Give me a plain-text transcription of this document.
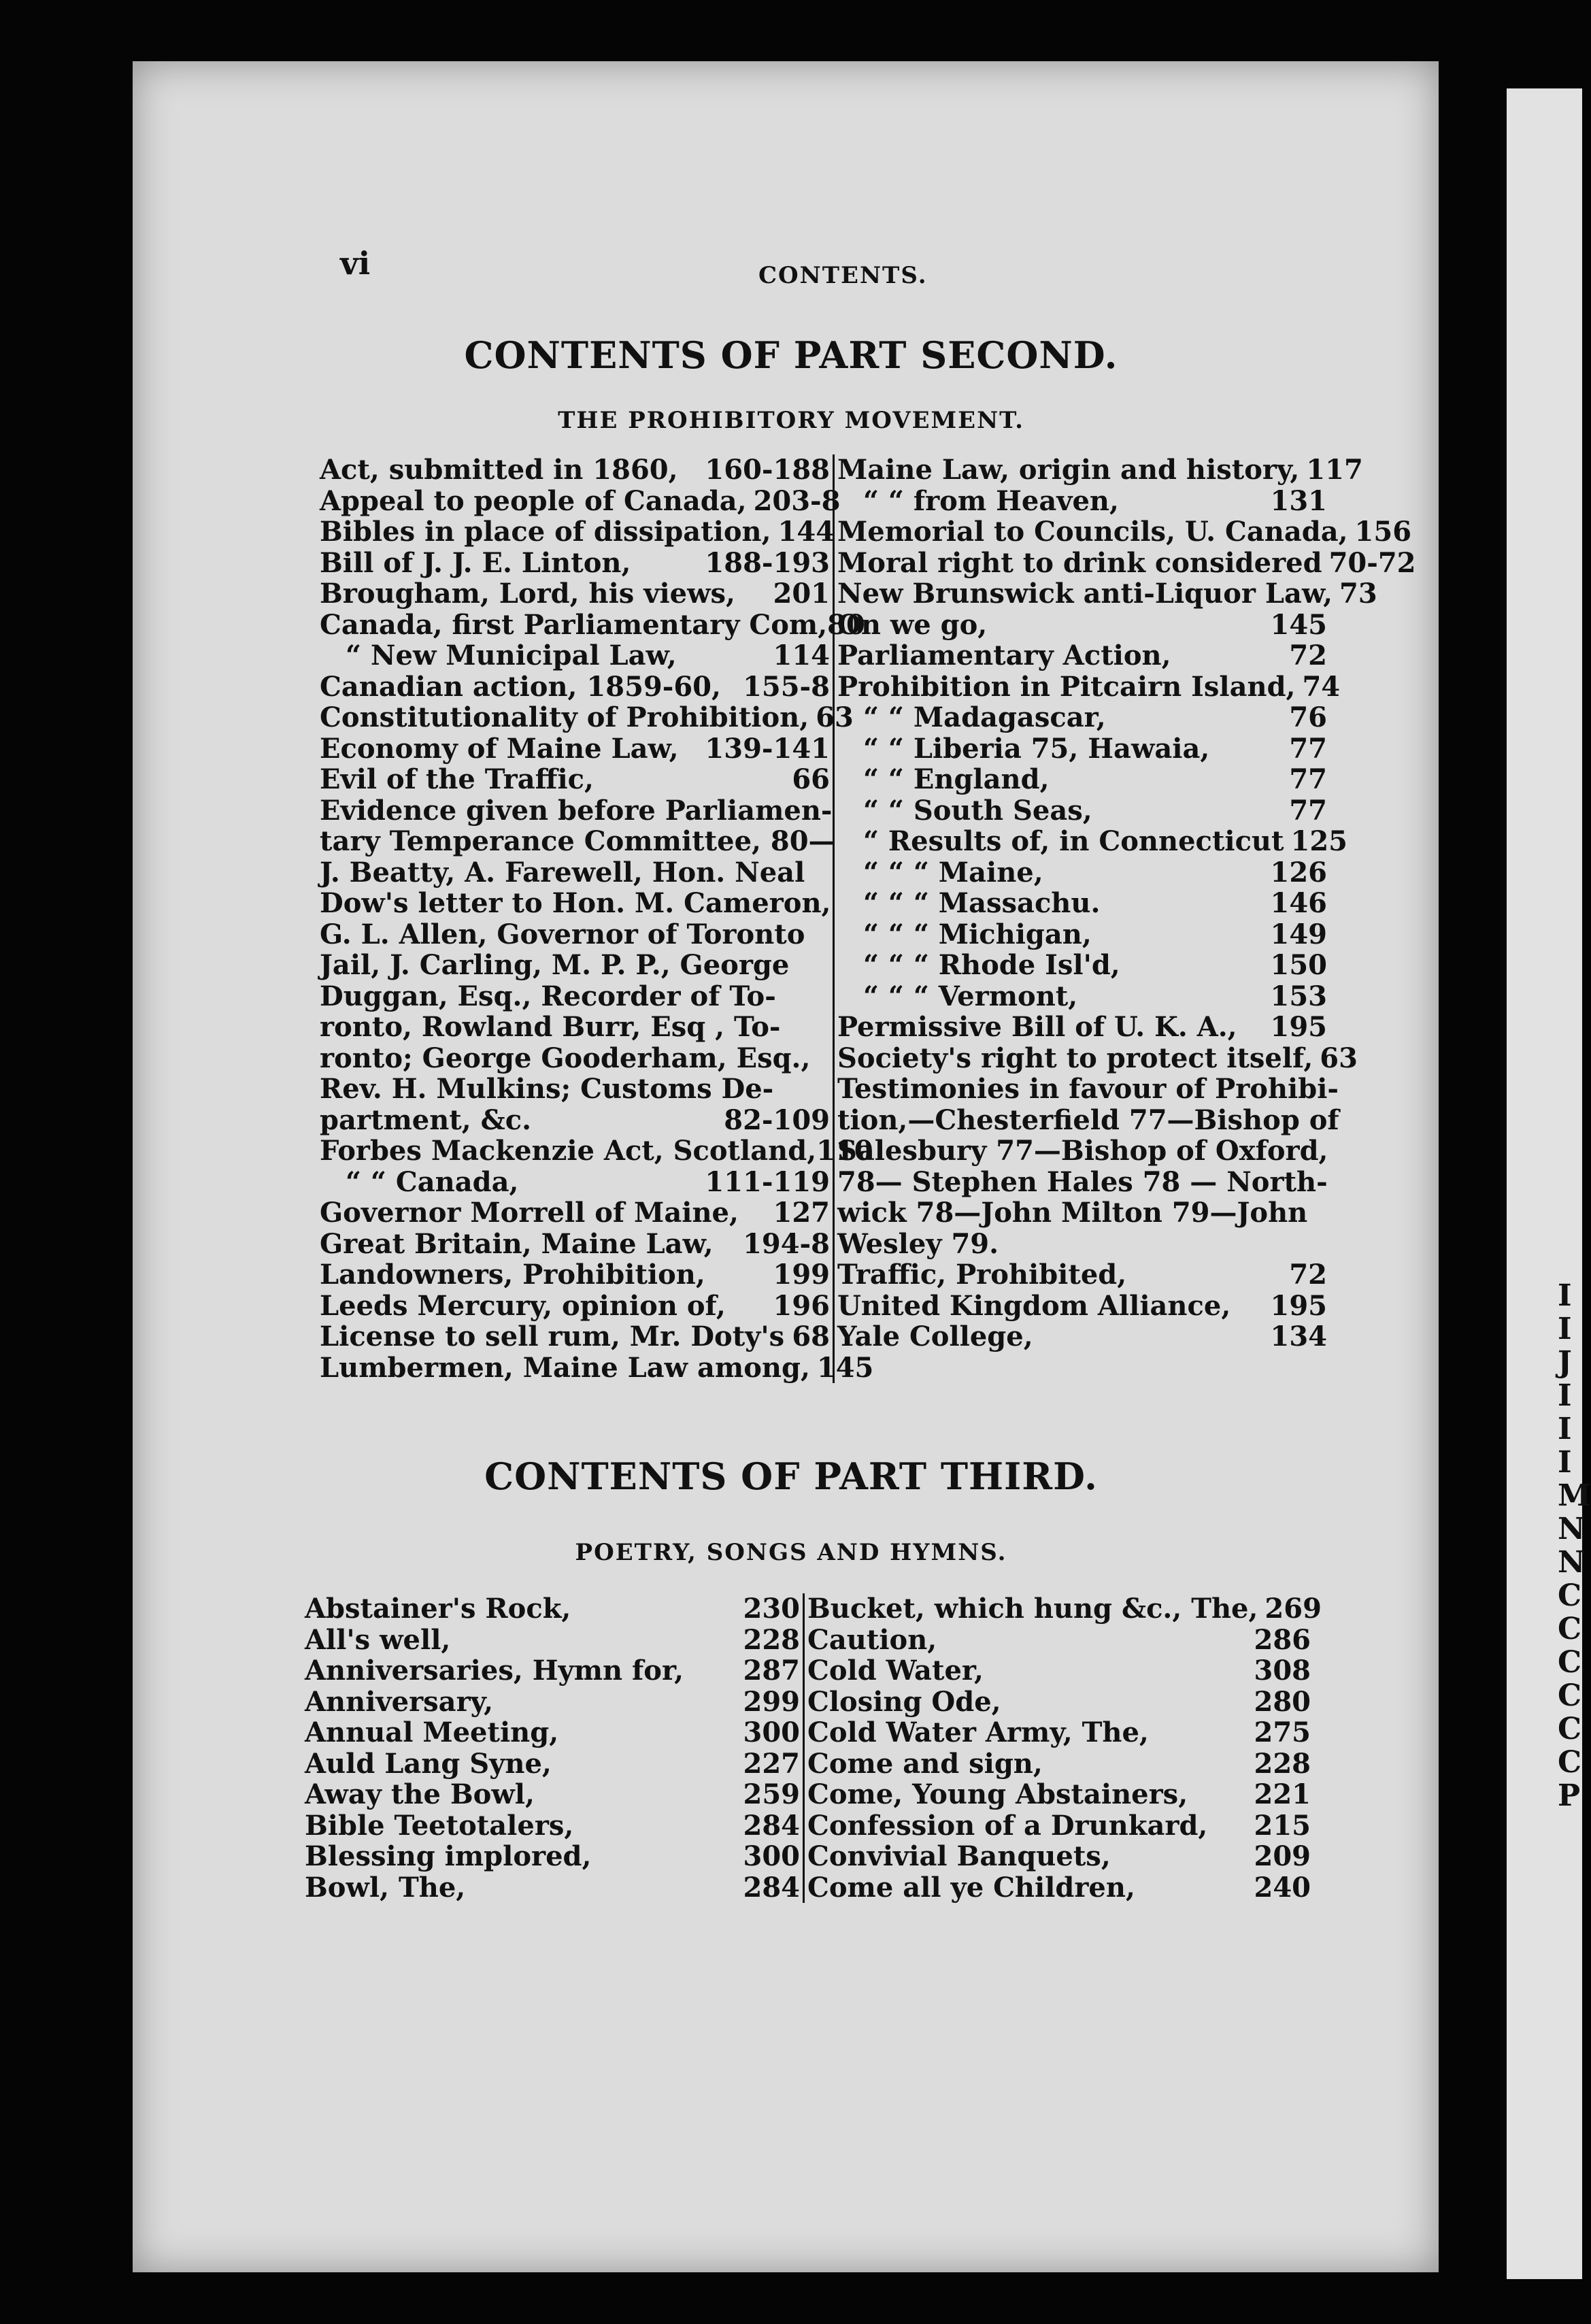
I
I
J
I
I
I
M
N
N
C
C
C
C
C
C
P
vi	CONTENTS.
CONTENTS OF PART SECOND.
THE PROHIBITORY MOVEMENT.
Act, submitted in 1860, 160-188
Appeal to people of Canada, 203-8
Bibles in place of dissipation, 144
Bill of J. J. E. Linton,	188-193
Brougham, Lord, his views, 201
Canada, first Parliamentary Com,80
“ New Municipal Law,	114
Canadian action, 1859-60, 155-8
Constitutionality of Prohibition, 63
Economy of Maine Law, 139-141
Evil of the Traffic,	66
Evidence given before Parliamen-
tary Temperance Committee, 80—
J. Beatty, A. Farewell, Hon. Neal
Dow's letter to Hon. M. Cameron,
G. L. Allen, Governor of Toronto
Jail, J. Carling, M. P. P., George
Duggan, Esq., Recorder of To-
ronto, Rowland Burr, Esq , To-
ronto; George Gooderham, Esq.,
Rev. H. Mulkins; Customs De-
partment, &c.	82-109
Forbes Mackenzie Act, Scotland,110
“ “ Canada,	111-119
Governor Morrell of Maine, 127
Great Britain, Maine Law, 194-8
Landowners, Prohibition, 199
Leeds Mercury, opinion of, 196
License to sell rum, Mr. Doty's 68
Lumbermen, Maine Law among, 145
Maine Law, origin and history, 117
“ “ from Heaven,	131
Memorial to Councils, U. Canada, 156
Moral right to drink considered 70-72
New Brunswick anti-Liquor Law, 73
On we go,	145
Parliamentary Action,	72
Prohibition in Pitcairn Island, 74
“ “ Madagascar,	76
“ “ Liberia 75, Hawaia,	77
“ “ England,	77
“ “ South Seas,	77
“ Results of, in Connecticut 125
“ “ “ Maine,	126
“ “ “ Massachu.	146
“ “ “ Michigan,	149
“ “ “ Rhode Isl'd,	150
“ “ “ Vermont,	153
Permissive Bill of U. K. A., 195
Society's right to protect itself, 63
Testimonies in favour of Prohibi-
tion,—Chesterfield 77—Bishop of
Salesbury 77—Bishop of Oxford,
78— Stephen Hales 78 — North-
wick 78—John Milton 79—John
Wesley 79.
Traffic, Prohibited,	72
United Kingdom Alliance, 195
Yale College,	134
CONTENTS OF PART THIRD.
POETRY, SONGS AND HYMNS.
Abstainer's Rock,	230
All's well,	228
Anniversaries, Hymn for, 287
Anniversary,	299
Annual Meeting,	300
Auld Lang Syne,	227
Away the Bowl,	259
Bible Teetotalers,	284
Blessing implored,	300
Bowl, The,	284
Bucket, which hung &c., The, 269
Caution,	286
Cold Water,	308
Closing Ode,	280
Cold Water Army, The,	275
Come and sign,	228
Come, Young Abstainers, 221
Confession of a Drunkard, 215
Convivial Banquets,	209
Come all ye Children,	240
